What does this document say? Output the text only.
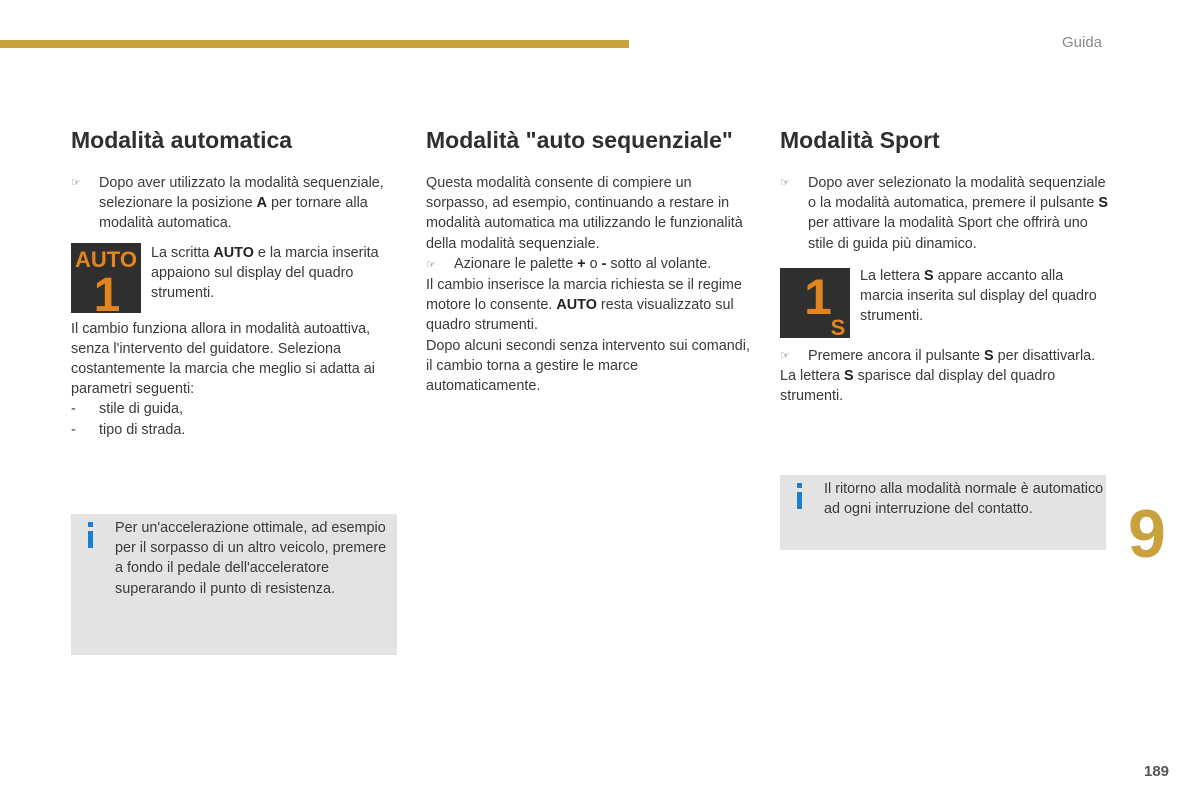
Guida
9
189
Modalità automatica
☞	Dopo aver utilizzato la modalità sequenziale, selezionare la posizione A per tornare alla modalità automatica.
AUTO
1
La scritta AUTO e la marcia inserita appaiono sul display del quadro strumenti.

Il cambio funziona allora in modalità autoattiva, senza l'intervento del guidatore. Seleziona costantemente la marcia che meglio si adatta ai parametri seguenti:

- stile di guida,
- tipo di strada.
Per un'accelerazione ottimale, ad esempio per il sorpasso di un altro veicolo, premere a fondo il pedale dell'acceleratore superarando il punto di resistenza.
Modalità "auto sequenziale"

Questa modalità consente di compiere un sorpasso, ad esempio, continuando a restare in modalità automatica ma utilizzando le funzionalità della modalità sequenziale.

☞ Azionare le palette + o - sotto al volante.

Il cambio inserisce la marcia richiesta se il regime motore lo consente. AUTO resta visualizzato sul quadro strumenti.

Dopo alcuni secondi senza intervento sui comandi, il cambio torna a gestire le marce automaticamente.

Modalità Sport
☞	Dopo aver selezionato la modalità sequenziale o la modalità automatica, premere il pulsante S per attivare la modalità Sport che offrirà uno stile di guida più dinamico.
1
S
La lettera S appare accanto alla marcia inserita sul display del quadro strumenti.
☞	Premere ancora il pulsante S per disattivarla.

La lettera S sparisce dal display del quadro strumenti.

Il ritorno alla modalità normale è automatico ad ogni interruzione del contatto.
